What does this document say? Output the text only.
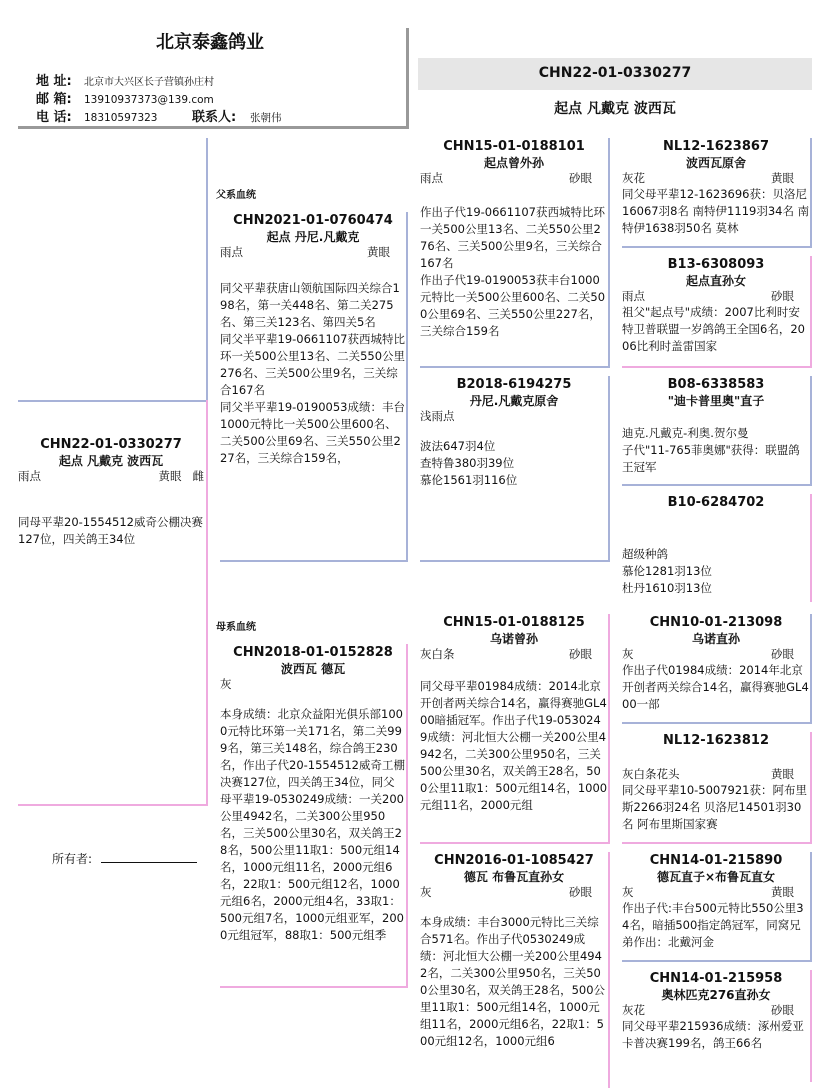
北京泰鑫鸽业
地 址: 北京市大兴区长子营镇孙庄村
邮 箱: 13910937373@139.com
电 话: 18310597323	联系人: 张朝伟
CHN22-01-0330277
起点 凡戴克 波西瓦
父系血统
母系血统
CHN22-01-0330277
起点 凡戴克 波西瓦
雨点	黄眼 雌
同母平辈20-1554512威奇公棚决赛127位，四关鸽王34位
所有者:
CHN2021-01-0760474
起点 丹尼.凡戴克
雨点	黄眼
同父平辈获唐山领航国际四关综合198名，第一关448名、第二关275名、第三关123名、第四关5名
同父半平辈19-0661107获西城特比环一关500公里13名、二关550公里276名、三关500公里9名，三关综合167名
同父半平辈19-0190053成绩：丰台1000元特比一关500公里600名、二关500公里69名、三关550公里227名，三关综合159名，
CHN2018-01-0152828
波西瓦 德瓦
灰
本身成绩：北京众益阳光俱乐部1000元特比环第一关171名，第二关999名，第三关148名，综合鸽王230名，作出子代20-1554512威奇工棚决赛127位，四关鸽王34位，同父母平辈19-0530249成绩：一关200公里4942名，二关300公里950名，三关500公里30名，双关鸽王28名，500公里11取1：500元组14名，1000元组11名，2000元组6名，22取1：500元组12名，1000元组6名，2000元组4名，33取1：500元组7名，1000元组亚军，2000元组冠军，88取1：500元组季
CHN15-01-0188101
起点曾外孙
雨点	砂眼
作出子代19-0661107获西城特比环一关500公里13名、二关550公里276名、三关500公里9名，三关综合167名
作出子代19-0190053获丰台1000元特比一关500公里600名、二关500公里69名、三关550公里227名，三关综合159名
B2018-6194275
丹尼.凡戴克原舍
浅雨点
波法647羽4位
查特鲁380羽39位
慕伦1561羽116位
CHN15-01-0188125
乌诺曾孙
灰白条	砂眼
同父母平辈01984成绩：2014北京开创者两关综合14名，赢得赛驰GL400暗插冠军。作出子代19-0530249成绩：河北恒大公棚一关200公里4942名，二关300公里950名，三关500公里30名，双关鸽王28名，500公里11取1：500元组14名，1000元组11名，2000元组
CHN2016-01-1085427
德瓦 布鲁瓦直孙女
灰	砂眼
本身成绩：丰台3000元特比三关综合571名。作出子代0530249成绩：河北恒大公棚一关200公里4942名，二关300公里950名，三关500公里30名，双关鸽王28名，500公里11取1：500元组14名，1000元组11名，2000元组6名，22取1：500元组12名，1000元组6
NL12-1623867
波西瓦原舍
灰花	黄眼
同父母平辈12-1623696获：贝洛尼16067羽8名 南特伊1119羽34名 南特伊1638羽50名 莫林
B13-6308093
起点直孙女
雨点	砂眼
祖父"起点号"成绩：2007比利时安特卫普联盟一岁鸽鸽王全国6名，2006比利时盖雷国家
B08-6338583
"迪卡普里奥"直子
迪克.凡戴克-利奥.贺尔曼
子代"11-765菲奥娜"获得：联盟鸽王冠军
B10-6284702
超级种鸽
慕伦1281羽13位
杜丹1610羽13位
CHN10-01-213098
乌诺直孙
灰	砂眼
作出子代01984成绩：2014年北京开创者两关综合14名，赢得赛驰GL400一部
NL12-1623812
灰白条花头	黄眼
同父母平辈10-5007921获：阿布里斯2266羽24名 贝洛尼14501羽30名 阿布里斯国家赛
CHN14-01-215890
德瓦直子×布鲁瓦直女
灰	黄眼
作出子代:丰台500元特比550公里34名，暗插500指定鸽冠军，同窝兄弟作出：北戴河金
CHN14-01-215958
奥林匹克276直孙女
灰花	砂眼
同父母平辈215936成绩：涿州爱亚卡普决赛199名，鸽王66名
